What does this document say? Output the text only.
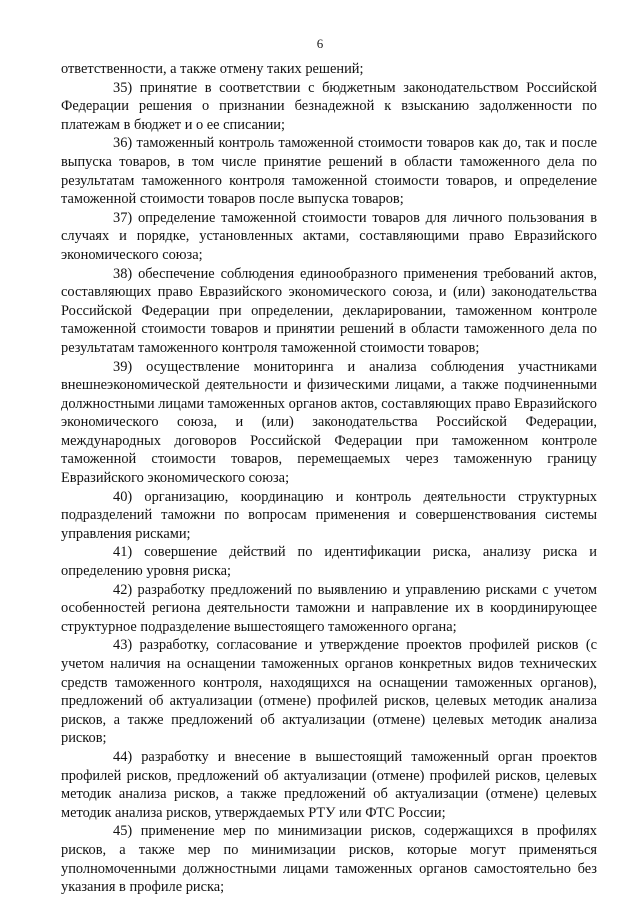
6

ответственности, а также отмену таких решений;

35) принятие в соответствии с бюджетным законодательством Российской Федерации решения о признании безнадежной к взысканию задолженности по платежам в бюджет и о ее списании;

36) таможенный контроль таможенной стоимости товаров как до, так и после выпуска товаров, в том числе принятие решений в области таможенного дела по результатам таможенного контроля таможенной стоимости товаров, и определение таможенной стоимости товаров после выпуска товаров;

37) определение таможенной стоимости товаров для личного пользования в случаях и порядке, установленных актами, составляющими право Евразийского экономического союза;

38) обеспечение соблюдения единообразного применения требований актов, составляющих право Евразийского экономического союза, и (или) законодательства Российской Федерации при определении, декларировании, таможенном контроле таможенной стоимости товаров и принятии решений в области таможенного дела по результатам таможенного контроля таможенной стоимости товаров;

39) осуществление мониторинга и анализа соблюдения участниками внешнеэкономической деятельности и физическими лицами, а также подчиненными должностными лицами таможенных органов актов, составляющих право Евразийского экономического союза, и (или) законодательства Российской Федерации, международных договоров Российской Федерации при таможенном контроле таможенной стоимости товаров, перемещаемых через таможенную границу Евразийского экономического союза;

40) организацию, координацию и контроль деятельности структурных подразделений таможни по вопросам применения и совершенствования системы управления рисками;

41) совершение действий по идентификации риска, анализу риска и определению уровня риска;

42) разработку предложений по выявлению и управлению рисками с учетом особенностей региона деятельности таможни и направление их в координирующее структурное подразделение вышестоящего таможенного органа;

43) разработку, согласование и утверждение проектов профилей рисков (с учетом наличия на оснащении таможенных органов конкретных видов технических средств таможенного контроля, находящихся на оснащении таможенных органов), предложений об актуализации (отмене) профилей рисков, целевых методик анализа рисков, а также предложений об актуализации (отмене) целевых методик анализа рисков;

44) разработку и внесение в вышестоящий таможенный орган проектов профилей рисков, предложений об актуализации (отмене) профилей рисков, целевых методик анализа рисков, а также предложений об актуализации (отмене) целевых методик анализа рисков, утверждаемых РТУ или ФТС России;

45) применение мер по минимизации рисков, содержащихся в профилях рисков, а также мер по минимизации рисков, которые могут применяться уполномоченными должностными лицами таможенных органов самостоятельно без указания в профиле риска;
